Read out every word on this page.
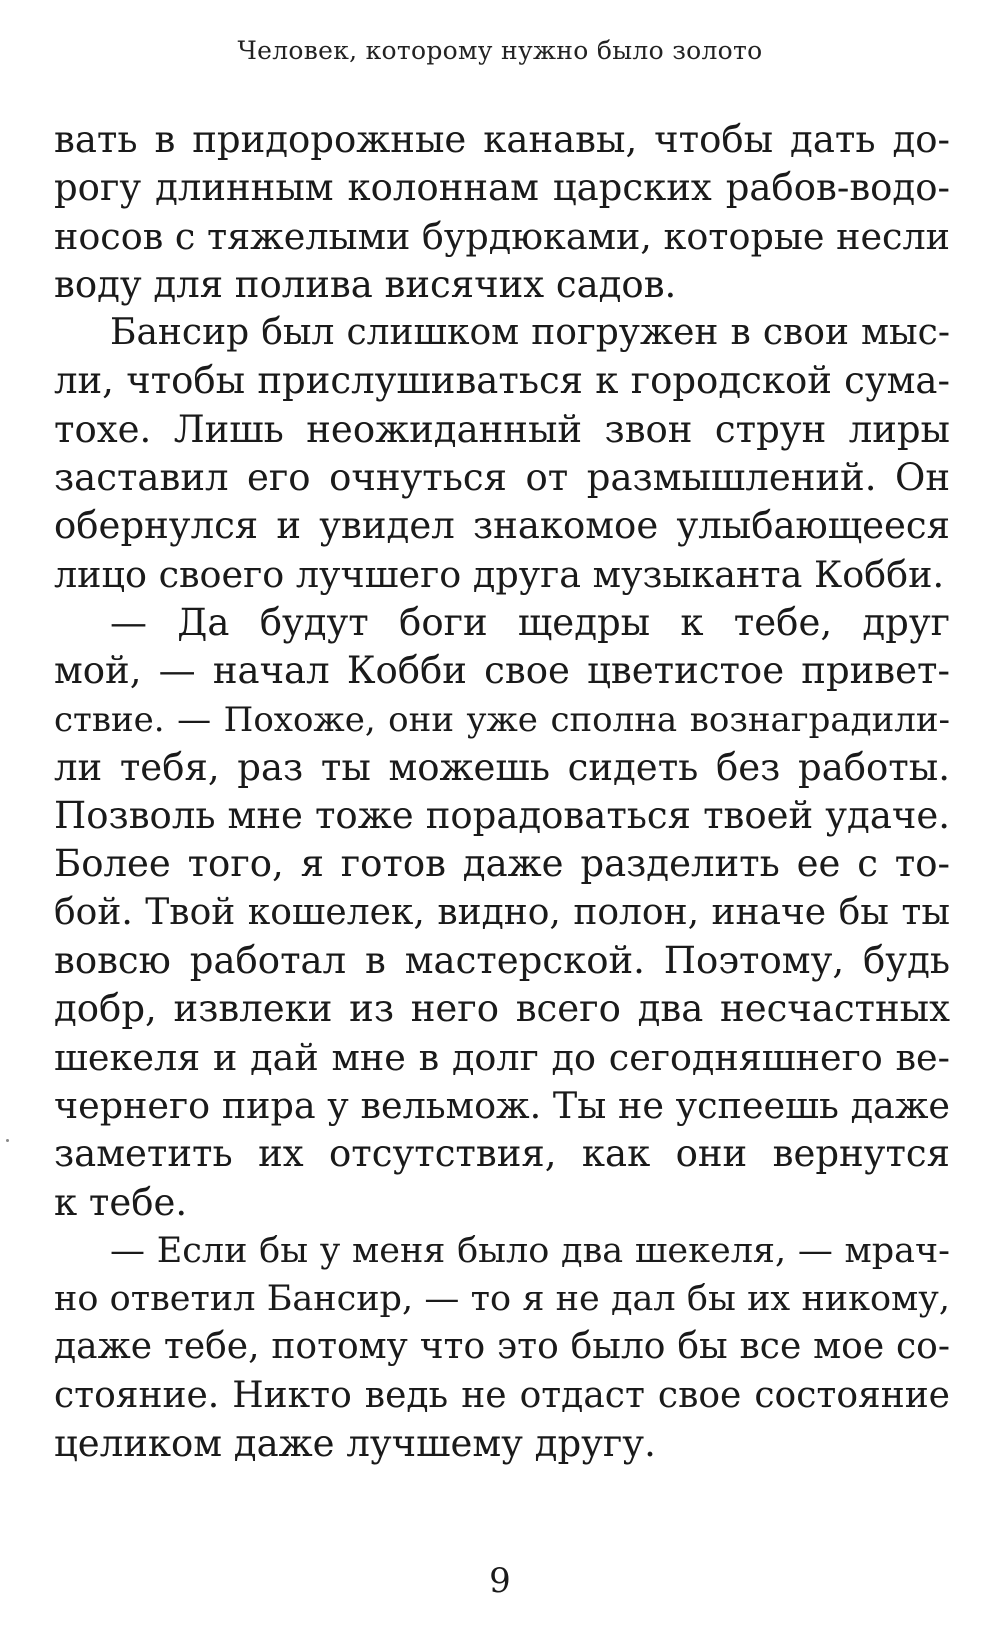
Человек, которому нужно было золото
вать в придорожные канавы, чтобы дать до-
рогу длинным колоннам царских рабов-водо-
носов с тяжелыми бурдюками, которые несли
воду для полива висячих садов.
Бансир был слишком погружен в свои мыс-
ли, чтобы прислушиваться к городской сума-
тохе. Лишь неожиданный звон струн лиры
заставил его очнуться от размышлений. Он
обернулся и увидел знакомое улыбающееся
лицо своего лучшего друга музыканта Кобби.
— Да будут боги щедры к тебе, друг
мой, — начал Кобби свое цветистое привет-
ствие. — Похоже, они уже сполна вознаградили-
ли тебя, раз ты можешь сидеть без работы.
Позволь мне тоже порадоваться твоей удаче.
Более того, я готов даже разделить ее с то-
бой. Твой кошелек, видно, полон, иначе бы ты
вовсю работал в мастерской. Поэтому, будь
добр, извлеки из него всего два несчастных
шекеля и дай мне в долг до сегодняшнего ве-
чернего пира у вельмож. Ты не успеешь даже
заметить их отсутствия, как они вернутся
к тебе.
— Если бы у меня было два шекеля, — мрач-
но ответил Бансир, — то я не дал бы их никому,
даже тебе, потому что это было бы все мое со-
стояние. Никто ведь не отдаст свое состояние
целиком даже лучшему другу.
9
